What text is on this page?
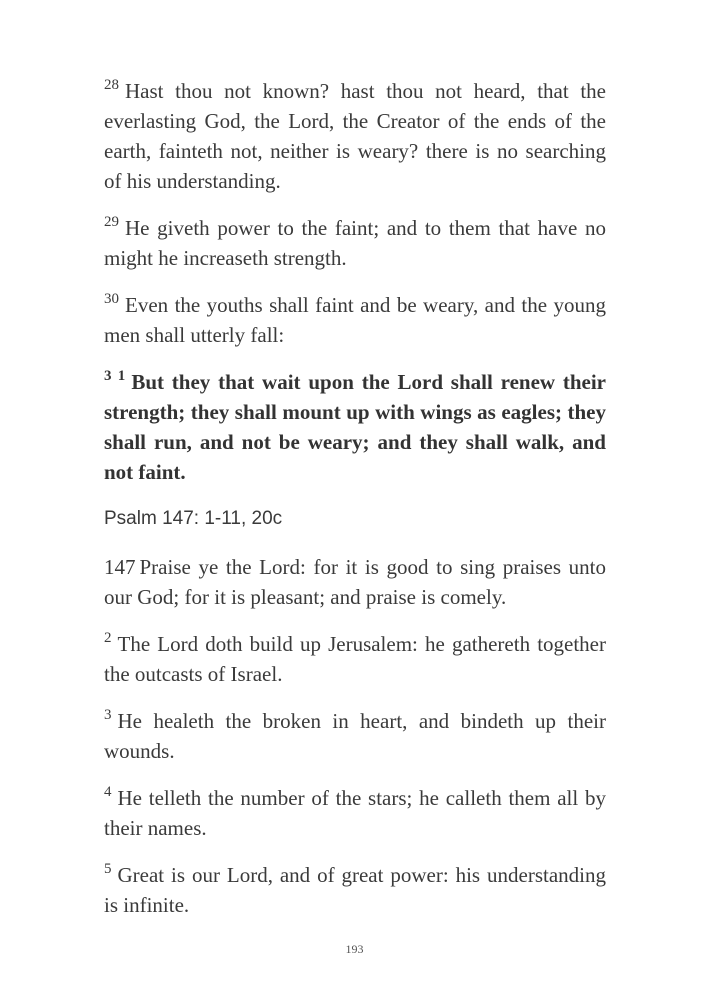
$^{28}$ Hast thou not known? hast thou not heard, that the everlasting God, the Lord, the Creator of the ends of the earth, fainteth not, neither is weary? there is no searching of his understanding.

$^{29}$ He giveth power to the faint; and to them that have no might he increaseth strength.

$^{30}$ Even the youths shall faint and be weary, and the young men shall utterly fall:

$^{3 1}$ But they that wait upon the Lord shall renew their strength; they shall mount up with wings as eagles; they shall run, and not be weary; and they shall walk, and not faint.

Psalm 147: 1-11, 20c

147 Praise ye the Lord: for it is good to sing praises unto our God; for it is pleasant; and praise is comely.

$^2$ The Lord doth build up Jerusalem: he gathereth together the outcasts of Israel.

$^3$ He healeth the broken in heart, and bindeth up their wounds.

$^4$ He telleth the number of the stars; he calleth them all by their names.

$^5$ Great is our Lord, and of great power: his understanding is infinite.

193
